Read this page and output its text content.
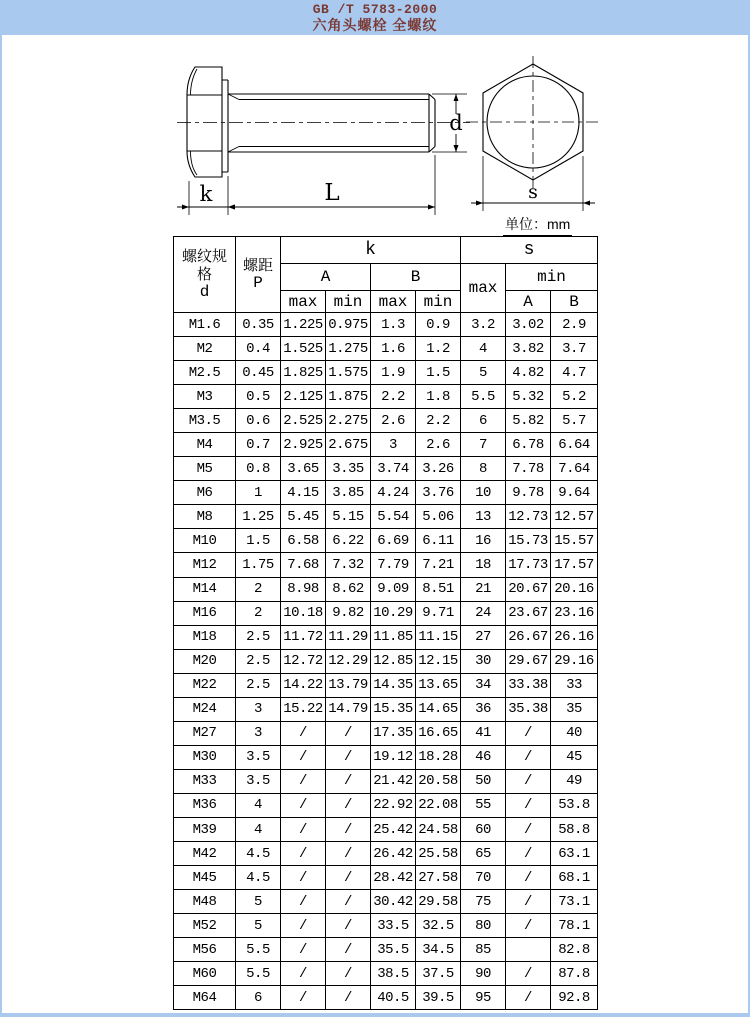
GB /T 5783-2000
六角头螺栓 全螺纹
k	L
d
s
单位：mm
螺纹规
格
d

螺距
P
	k	s
		A		B		max	min	
		max	min	max	min		A	B
M1.6	0.35	1.225	0.975	1.3	0.9	3.2	3.02	2.9
M2	0.4	1.525	1.275	1.6	1.2	4	3.82	3.7
M2.5	0.45	1.825	1.575	1.9	1.5	5	4.82	4.7
M3	0.5	2.125	1.875	2.2	1.8	5.5	5.32	5.2
M3.5	0.6	2.525	2.275	2.6	2.2	6	5.82	5.7
M4	0.7	2.925	2.675	3	2.6	7	6.78	6.64
M5	0.8	3.65	3.35	3.74	3.26	8	7.78	7.64
M6	1	4.15	3.85	4.24	3.76	10	9.78	9.64
M8	1.25	5.45	5.15	5.54	5.06	13	12.73	12.57
M10	1.5	6.58	6.22	6.69	6.11	16	15.73	15.57
M12	1.75	7.68	7.32	7.79	7.21	18	17.73	17.57
M14	2	8.98	8.62	9.09	8.51	21	20.67	20.16
M16	2	10.18	9.82	10.29	9.71	24	23.67	23.16
M18	2.5	11.72	11.29	11.85	11.15	27	26.67	26.16
M20	2.5	12.72	12.29	12.85	12.15	30	29.67	29.16
M22	2.5	14.22	13.79	14.35	13.65	34	33.38	33
M24	3	15.22	14.79	15.35	14.65	36	35.38	35
M27	3	/	/	17.35	16.65	41	/	40
M30	3.5	/	/	19.12	18.28	46	/	45
M33	3.5	/	/	21.42	20.58	50	/	49
M36	4	/	/	22.92	22.08	55	/	53.8
M39	4	/	/	25.42	24.58	60	/	58.8
M42	4.5	/	/	26.42	25.58	65	/	63.1
M45	4.5	/	/	28.42	27.58	70	/	68.1
M48	5	/	/	30.42	29.58	75	/	73.1
M52	5	/	/	33.5	32.5	80	/	78.1
M56	5.5	/	/	35.5	34.5	85		82.8
M60	5.5	/	/	38.5	37.5	90	/	87.8
M64	6	/	/	40.5	39.5	95	/	92.8
